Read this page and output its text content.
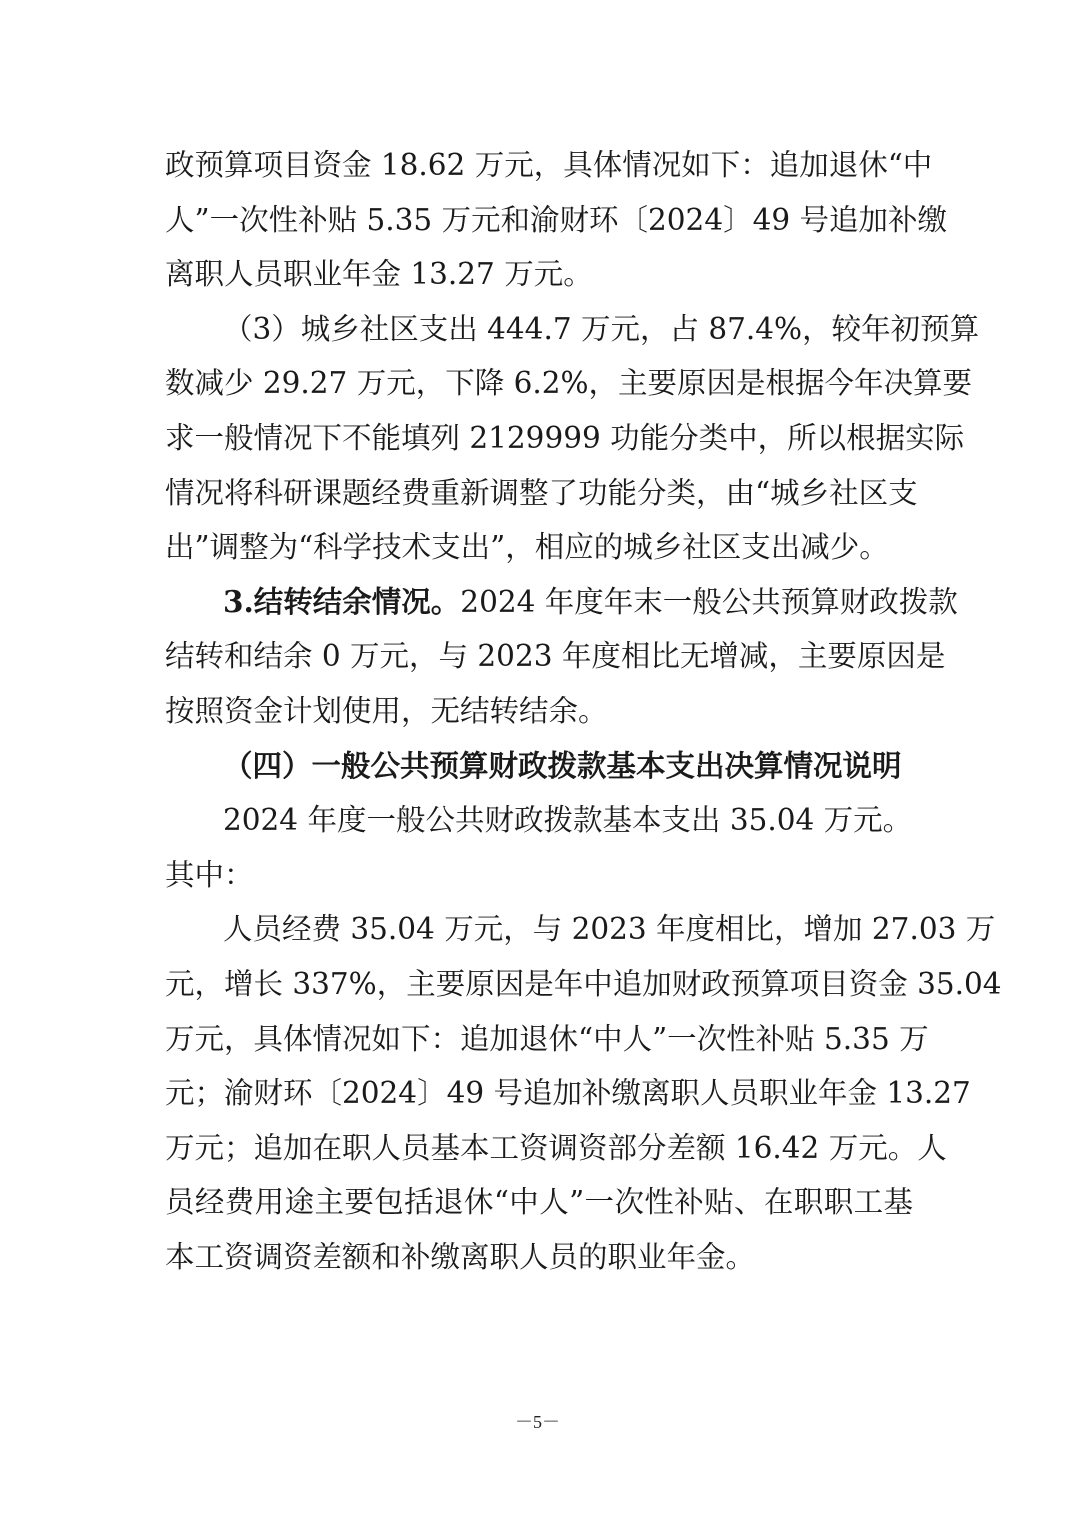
政预算项目资金 18.62 万元，具体情况如下：追加退休“中
人”一次性补贴 5.35 万元和渝财环〔2024〕49 号追加补缴
离职人员职业年金 13.27 万元。
（3）城乡社区支出 444.7 万元，占 87.4%，较年初预算
数减少 29.27 万元，下降 6.2%，主要原因是根据今年决算要
求一般情况下不能填列 2129999 功能分类中，所以根据实际
情况将科研课题经费重新调整了功能分类，由“城乡社区支
出”调整为“科学技术支出”，相应的城乡社区支出减少。
3.结转结余情况。2024 年度年末一般公共预算财政拨款
结转和结余 0 万元，与 2023 年度相比无增减，主要原因是
按照资金计划使用，无结转结余。
（四）一般公共预算财政拨款基本支出决算情况说明
2024 年度一般公共财政拨款基本支出 35.04 万元。
其中：
人员经费 35.04 万元，与 2023 年度相比，增加 27.03 万
元，增长 337%，主要原因是年中追加财政预算项目资金 35.04
万元，具体情况如下：追加退休“中人”一次性补贴 5.35 万
元；渝财环〔2024〕49 号追加补缴离职人员职业年金 13.27
万元；追加在职人员基本工资调资部分差额 16.42 万元。人
员经费用途主要包括退休“中人”一次性补贴、在职职工基
本工资调资差额和补缴离职人员的职业年金。
－5－
